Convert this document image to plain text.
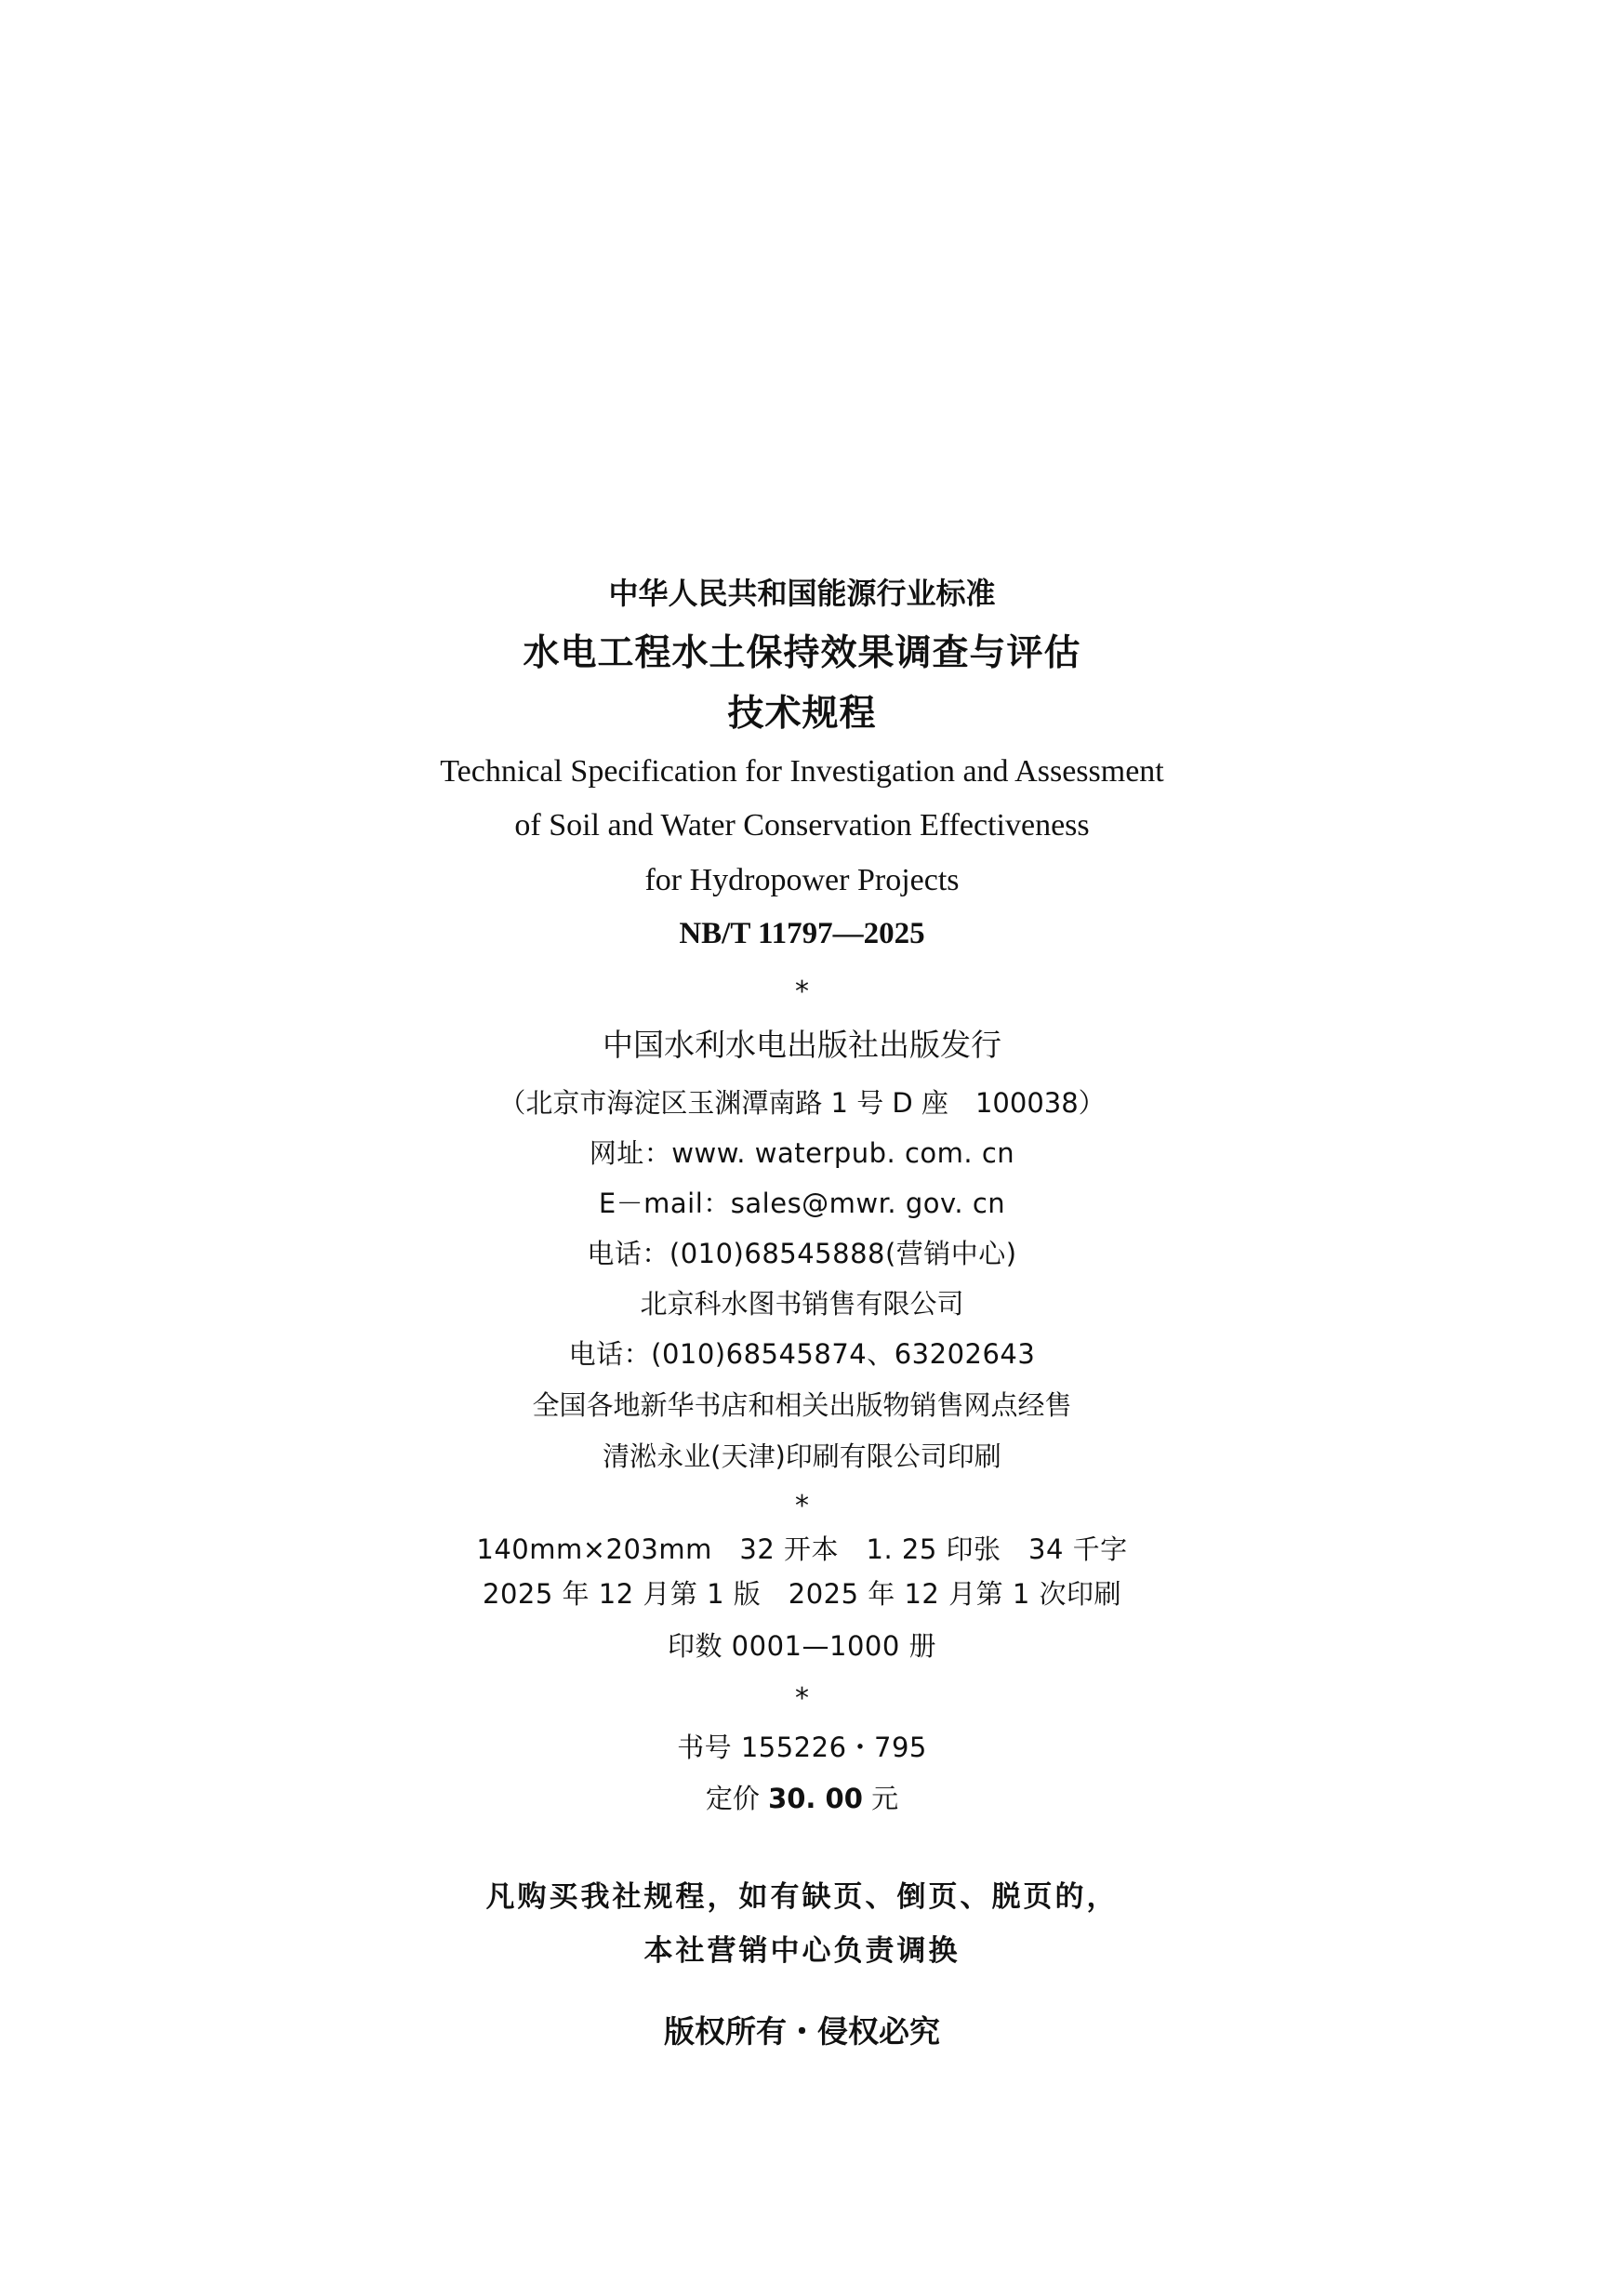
中华人民共和国能源行业标准
水电工程水土保持效果调查与评估
技术规程
Technical Specification for Investigation and Assessment
of Soil and Water Conservation Effectiveness
for Hydropower Projects
NB/T 11797—2025
*
中国水利水电出版社出版发行
（北京市海淀区玉渊潭南路 1 号 D 座　100038）
网址：www. waterpub. com. cn
E－mail：sales@mwr. gov. cn
电话：(010)68545888(营销中心)
北京科水图书销售有限公司
电话：(010)68545874、63202643
全国各地新华书店和相关出版物销售网点经售
清淞永业(天津)印刷有限公司印刷
*
140mm×203mm　32 开本　1. 25 印张　34 千字
2025 年 12 月第 1 版　2025 年 12 月第 1 次印刷
印数 0001—1000 册
*
书号 155226・795
定价 30. 00 元
凡购买我社规程，如有缺页、倒页、脱页的，
本社营销中心负责调换
版权所有・侵权必究
